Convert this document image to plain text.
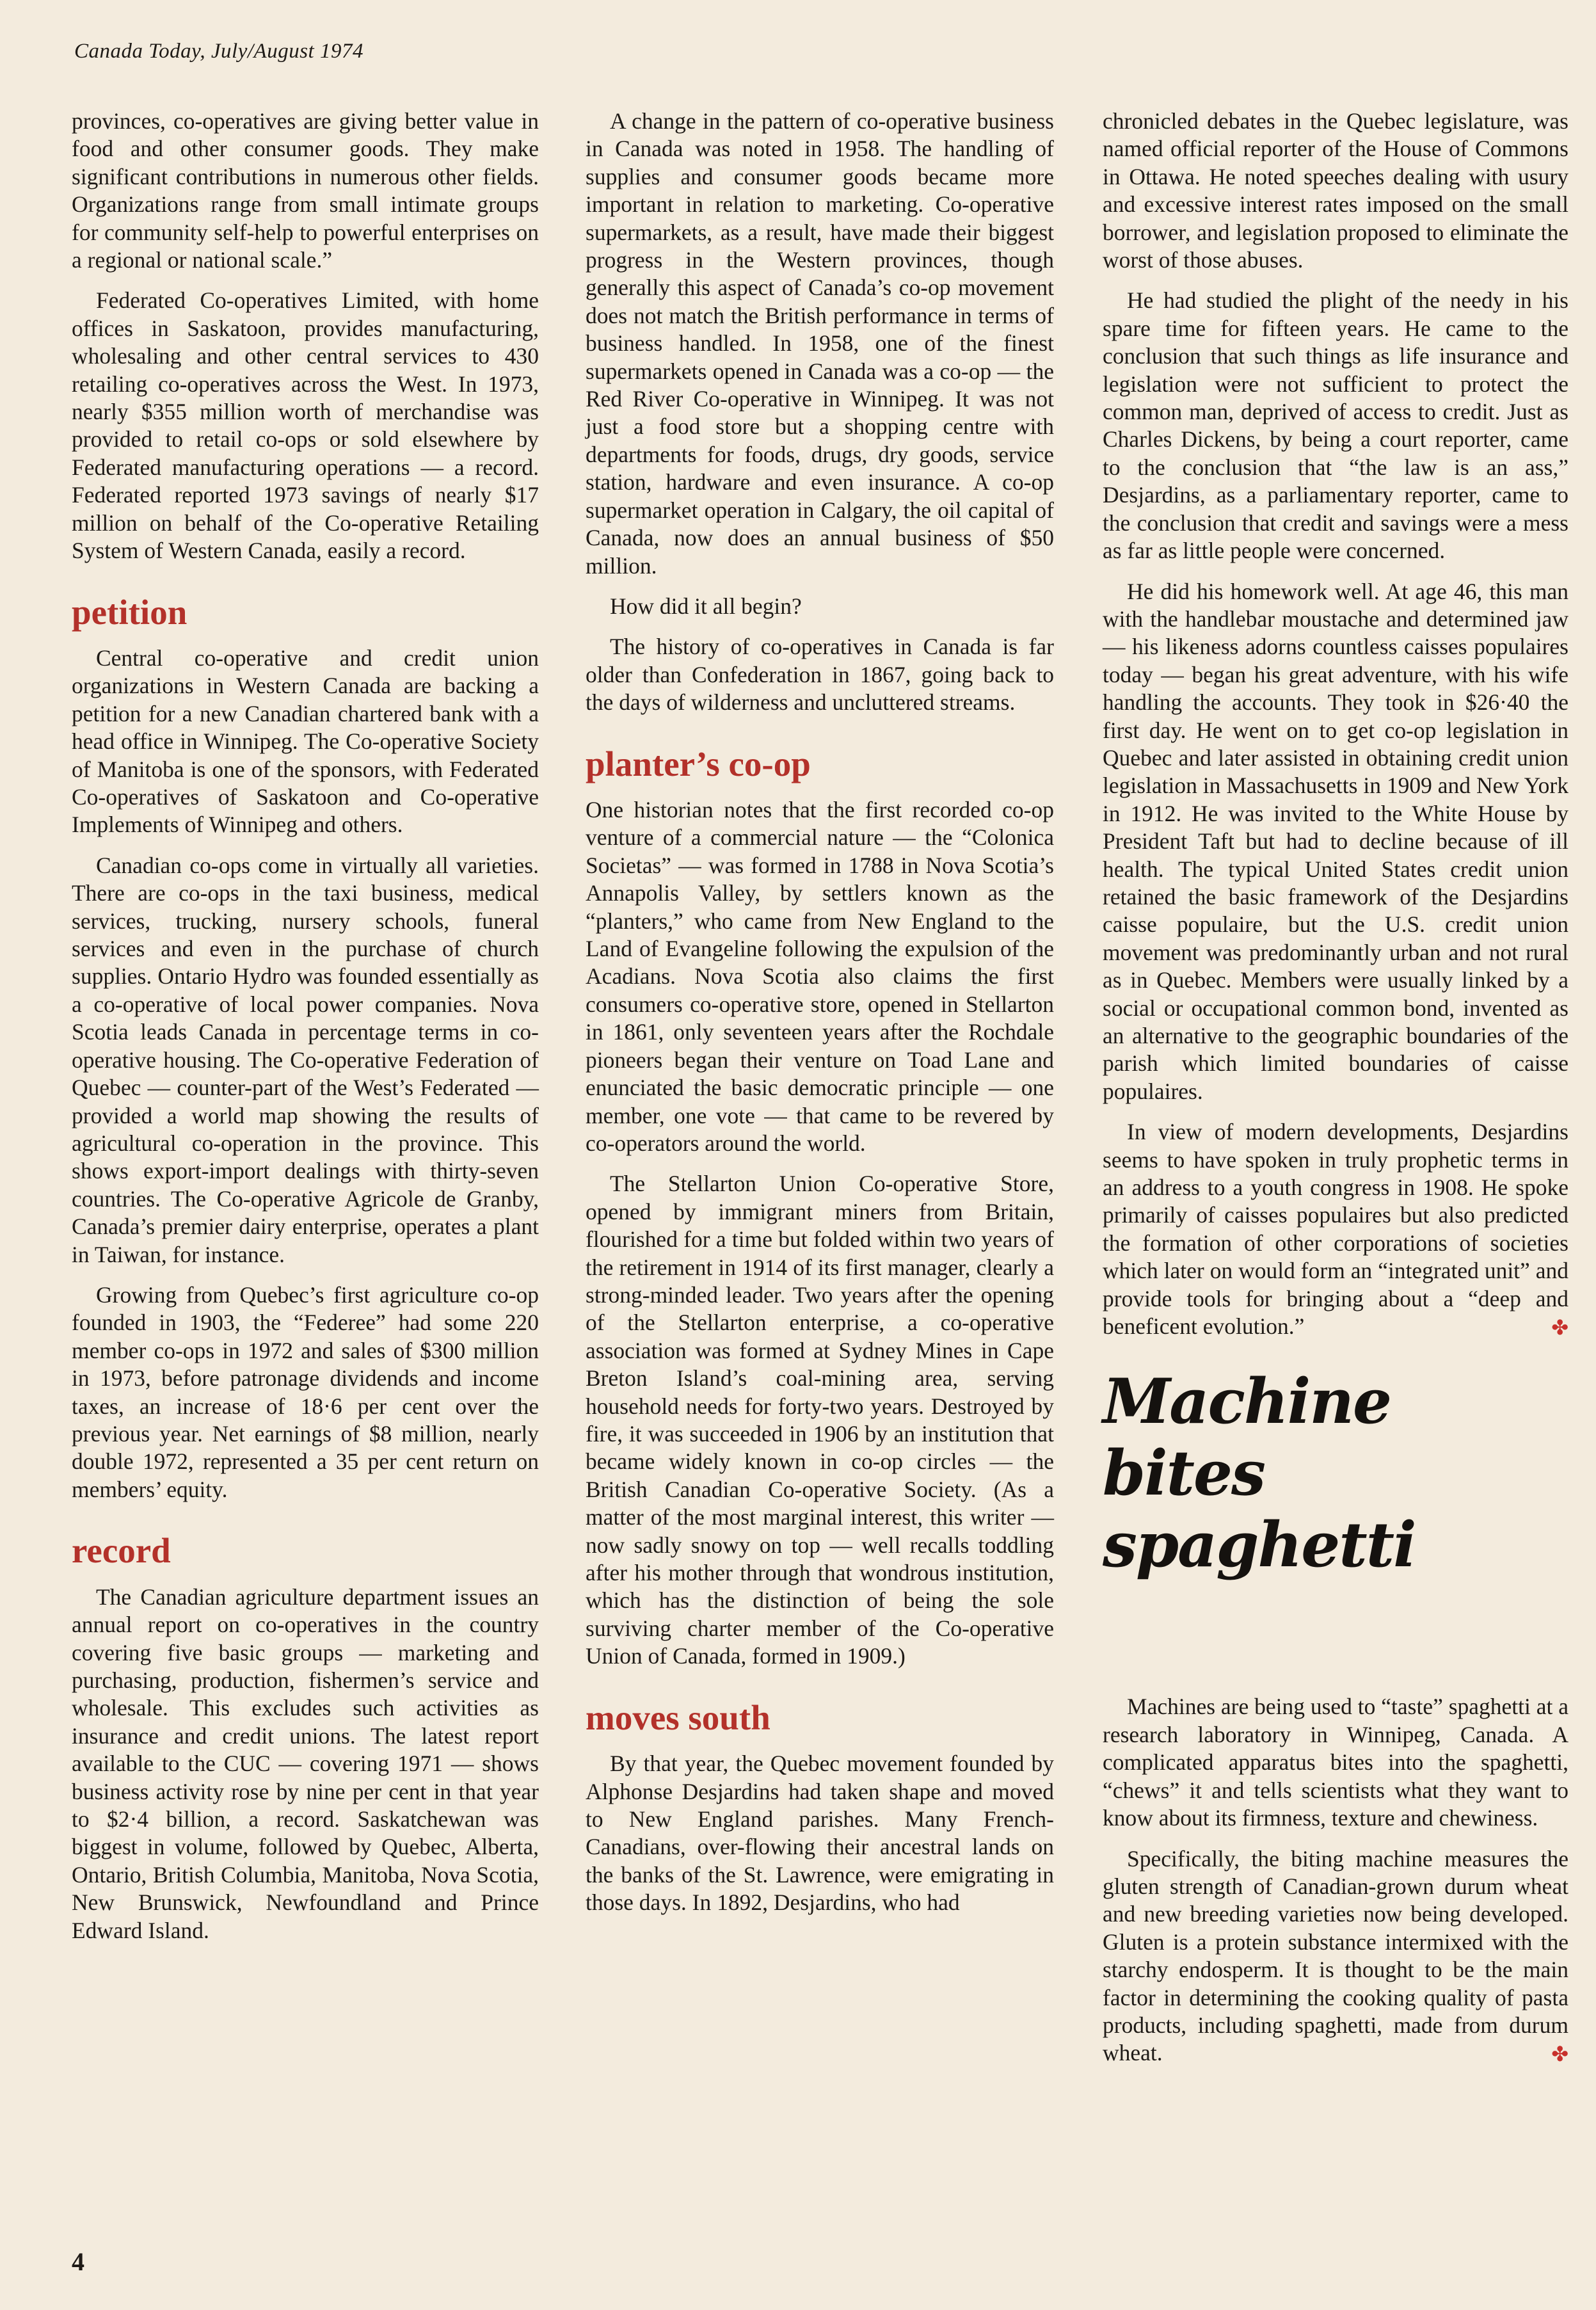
Canada Today, July/August 1974

provinces, co-operatives are giving better value in food and other consumer goods. They make significant contributions in numerous other fields. Organizations range from small intimate groups for community self-help to powerful enterprises on a regional or national scale.”

Federated Co-operatives Limited, with home offices in Saskatoon, provides manufacturing, wholesaling and other central services to 430 retailing co-operatives across the West. In 1973, nearly $355 million worth of merchandise was provided to retail co-ops or sold elsewhere by Federated manufacturing operations — a record. Federated reported 1973 savings of nearly $17 million on behalf of the Co-operative Retailing System of Western Canada, easily a record.

petition

Central co-operative and credit union organizations in Western Canada are backing a petition for a new Canadian chartered bank with a head office in Winnipeg. The Co-operative Society of Manitoba is one of the sponsors, with Federated Co-operatives of Saskatoon and Co-operative Implements of Winnipeg and others.

Canadian co-ops come in virtually all varieties. There are co-ops in the taxi business, medical services, trucking, nursery schools, funeral services and even in the purchase of church supplies. Ontario Hydro was founded essentially as a co-operative of local power companies. Nova Scotia leads Canada in percentage terms in co-operative housing. The Co-operative Federation of Quebec — counter-part of the West’s Federated — provided a world map showing the results of agricultural co-operation in the province. This shows export-import dealings with thirty-seven countries. The Co-operative Agricole de Granby, Canada’s premier dairy enterprise, operates a plant in Taiwan, for instance.

Growing from Quebec’s first agriculture co-op founded in 1903, the “Federee” had some 220 member co-ops in 1972 and sales of $300 million in 1973, before patronage dividends and income taxes, an increase of 18·6 per cent over the previous year. Net earnings of $8 million, nearly double 1972, represented a 35 per cent return on members’ equity.

record

The Canadian agriculture department issues an annual report on co-operatives in the country covering five basic groups — marketing and purchasing, production, fishermen’s service and wholesale. This excludes such activities as insurance and credit unions. The latest report available to the CUC — covering 1971 — shows business activity rose by nine per cent in that year to $2·4 billion, a record. Saskatchewan was biggest in volume, followed by Quebec, Alberta, Ontario, British Columbia, Manitoba, Nova Scotia, New Brunswick, Newfoundland and Prince Edward Island.

A change in the pattern of co-operative business in Canada was noted in 1958. The handling of supplies and consumer goods became more important in relation to marketing. Co-operative supermarkets, as a result, have made their biggest progress in the Western provinces, though generally this aspect of Canada’s co-op movement does not match the British performance in terms of business handled. In 1958, one of the finest supermarkets opened in Canada was a co-op — the Red River Co-operative in Winnipeg. It was not just a food store but a shopping centre with departments for foods, drugs, dry goods, service station, hardware and even insurance. A co-op supermarket operation in Calgary, the oil capital of Canada, now does an annual business of $50 million.

How did it all begin?

The history of co-operatives in Canada is far older than Confederation in 1867, going back to the days of wilderness and uncluttered streams.

planter’s co-op

One historian notes that the first recorded co-op venture of a commercial nature — the “Colonica Societas” — was formed in 1788 in Nova Scotia’s Annapolis Valley, by settlers known as the “planters,” who came from New England to the Land of Evangeline following the expulsion of the Acadians. Nova Scotia also claims the first consumers co-operative store, opened in Stellarton in 1861, only seventeen years after the Rochdale pioneers began their venture on Toad Lane and enunciated the basic democratic principle — one member, one vote — that came to be revered by co-operators around the world.

The Stellarton Union Co-operative Store, opened by immigrant miners from Britain, flourished for a time but folded within two years of the retirement in 1914 of its first manager, clearly a strong-minded leader. Two years after the opening of the Stellarton enterprise, a co-operative association was formed at Sydney Mines in Cape Breton Island’s coal-mining area, serving household needs for forty-two years. Destroyed by fire, it was succeeded in 1906 by an institution that became widely known in co-op circles — the British Canadian Co-operative Society. (As a matter of the most marginal interest, this writer — now sadly snowy on top — well recalls toddling after his mother through that wondrous institution, which has the distinction of being the sole surviving charter member of the Co-operative Union of Canada, formed in 1909.)

moves south

By that year, the Quebec movement founded by Alphonse Desjardins had taken shape and moved to New England parishes. Many French-Canadians, over-flowing their ancestral lands on the banks of the St. Lawrence, were emigrating in those days. In 1892, Desjardins, who had

chronicled debates in the Quebec legislature, was named official reporter of the House of Commons in Ottawa. He noted speeches dealing with usury and excessive interest rates imposed on the small borrower, and legislation proposed to eliminate the worst of those abuses.

He had studied the plight of the needy in his spare time for fifteen years. He came to the conclusion that such things as life insurance and legislation were not sufficient to protect the common man, deprived of access to credit. Just as Charles Dickens, by being a court reporter, came to the conclusion that “the law is an ass,” Desjardins, as a parliamentary reporter, came to the conclusion that credit and savings were a mess as far as little people were concerned.

He did his homework well. At age 46, this man with the handlebar moustache and determined jaw — his likeness adorns countless caisses populaires today — began his great adventure, with his wife handling the accounts. They took in $26·40 the first day. He went on to get co-op legislation in Quebec and later assisted in obtaining credit union legislation in Massachusetts in 1909 and New York in 1912. He was invited to the White House by President Taft but had to decline because of ill health. The typical United States credit union retained the basic framework of the Desjardins caisse populaire, but the U.S. credit union movement was predominantly urban and not rural as in Quebec. Members were usually linked by a social or occupational common bond, invented as an alternative to the geographic boundaries of the parish which limited boundaries of caisse populaires.

In view of modern developments, Desjardins seems to have spoken in truly prophetic terms in an address to a youth congress in 1908. He spoke primarily of caisses populaires but also predicted the formation of other corporations of societies which later on would form an “integrated unit” and provide tools for bringing about a “deep and beneficent evolution.”	✤

Machine bites spaghetti

Machines are being used to “taste” spaghetti at a research laboratory in Winnipeg, Canada. A complicated apparatus bites into the spaghetti, “chews” it and tells scientists what they want to know about its firmness, texture and chewiness.

Specifically, the biting machine measures the gluten strength of Canadian-grown durum wheat and new breeding varieties now being developed. Gluten is a protein substance intermixed with the starchy endosperm. It is thought to be the main factor in determining the cooking quality of pasta products, including spaghetti, made from durum wheat.	✤

4
